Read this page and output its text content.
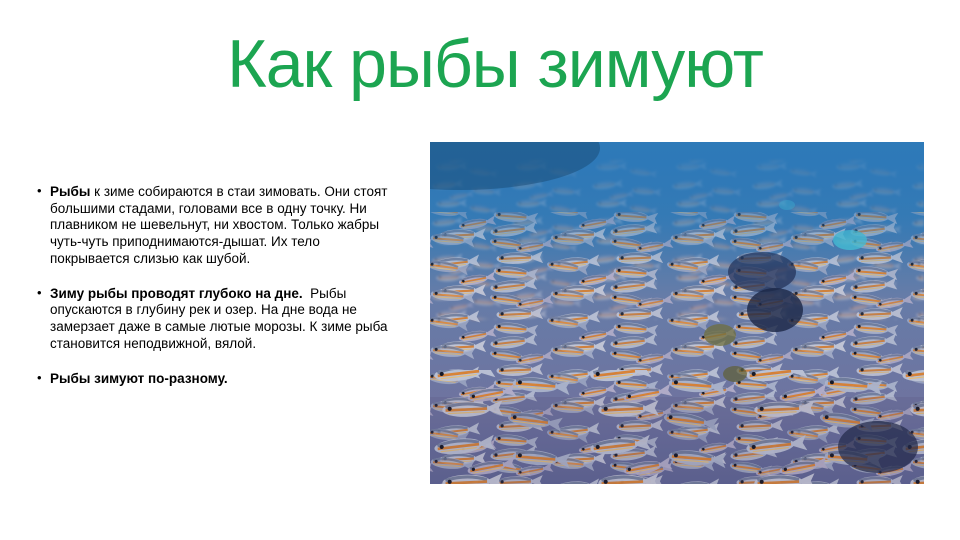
Как рыбы зимуют
• Рыбы к зиме собираются в стаи зимовать. Они стоят большими стадами, головами все в одну точку. Ни плавником не шевельнут, ни хвостом. Только жабры чуть-чуть приподнимаются-дышат. Их тело покрывается слизью как шубой.
• Зиму рыбы проводят глубоко на дне.  Рыбы опускаются в глубину рек и озер. На дне вода не замерзает даже в самые лютые морозы. К зиме рыба становится неподвижной, вялой.
• Рыбы зимуют по-разному.
